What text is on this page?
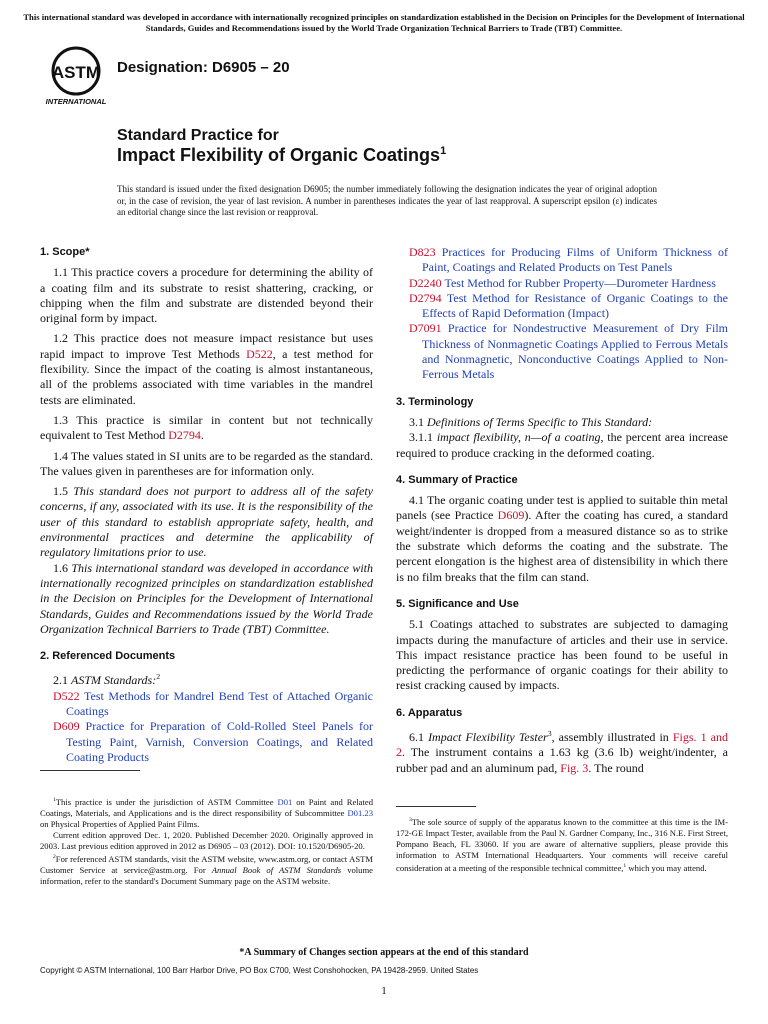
This international standard was developed in accordance with internationally recognized principles on standardization established in the Decision on Principles for the Development of International Standards, Guides and Recommendations issued by the World Trade Organization Technical Barriers to Trade (TBT) Committee.
ASTM
INTERNATIONAL
Designation: D6905 – 20
Standard Practice for
Impact Flexibility of Organic Coatings$^1$
This standard is issued under the fixed designation D6905; the number immediately following the designation indicates the year of original adoption or, in the case of revision, the year of last revision. A number in parentheses indicates the year of last reapproval. A superscript epsilon (ε) indicates an editorial change since the last revision or reapproval.

1. Scope*

1.1 This practice covers a procedure for determining the ability of a coating film and its substrate to resist shattering, cracking, or chipping when the film and substrate are distended beyond their original form by impact.

1.2 This practice does not measure impact resistance but uses rapid impact to improve Test Methods D522, a test method for flexibility. Since the impact of the coating is almost instantaneous, all of the problems associated with time variables in the mandrel tests are eliminated.

1.3 This practice is similar in content but not technically equivalent to Test Method D2794.

1.4 The values stated in SI units are to be regarded as the standard. The values given in parentheses are for information only.

1.5 This standard does not purport to address all of the safety concerns, if any, associated with its use. It is the responsibility of the user of this standard to establish appropriate safety, health, and environmental practices and determine the applicability of regulatory limitations prior to use.

1.6 This international standard was developed in accordance with internationally recognized principles on standardization established in the Decision on Principles for the Development of International Standards, Guides and Recommendations issued by the World Trade Organization Technical Barriers to Trade (TBT) Committee.

2. Referenced Documents

2.1 ASTM Standards:$^2$

D522 Test Methods for Mandrel Bend Test of Attached Organic Coatings

D609 Practice for Preparation of Cold-Rolled Steel Panels for Testing Paint, Varnish, Conversion Coatings, and Related Coating Products

D823 Practices for Producing Films of Uniform Thickness of Paint, Coatings and Related Products on Test Panels

D2240 Test Method for Rubber Property—Durometer Hardness

D2794 Test Method for Resistance of Organic Coatings to the Effects of Rapid Deformation (Impact)

D7091 Practice for Nondestructive Measurement of Dry Film Thickness of Nonmagnetic Coatings Applied to Ferrous Metals and Nonmagnetic, Nonconductive Coatings Applied to Non-Ferrous Metals

3. Terminology

3.1 Definitions of Terms Specific to This Standard:

3.1.1 impact flexibility, n—of a coating, the percent area increase required to produce cracking in the deformed coating.

4. Summary of Practice

4.1 The organic coating under test is applied to suitable thin metal panels (see Practice D609). After the coating has cured, a standard weight/indenter is dropped from a measured distance so as to strike the substrate which deforms the coating and the substrate. The percent elongation is the highest area of distensibility in which there is no film breaks that the film can stand.

5. Significance and Use

5.1 Coatings attached to substrates are subjected to damaging impacts during the manufacture of articles and their use in service. This impact resistance practice has been found to be useful in predicting the performance of organic coatings for their ability to resist cracking caused by impacts.

6. Apparatus

6.1 Impact Flexibility Tester$^3$, assembly illustrated in Figs. 1 and 2. The instrument contains a 1.63 kg (3.6 lb) weight/indenter, a rubber pad and an aluminum pad, Fig. 3. The round

$^1$This practice is under the jurisdiction of ASTM Committee D01 on Paint and Related Coatings, Materials, and Applications and is the direct responsibility of Subcommittee D01.23 on Physical Properties of Applied Paint Films.

Current edition approved Dec. 1, 2020. Published December 2020. Originally approved in 2003. Last previous edition approved in 2012 as D6905 – 03 (2012). DOI: 10.1520/D6905-20.

$^2$For referenced ASTM standards, visit the ASTM website, www.astm.org, or contact ASTM Customer Service at service@astm.org. For Annual Book of ASTM Standards volume information, refer to the standard's Document Summary page on the ASTM website.

$^3$The sole source of supply of the apparatus known to the committee at this time is the IM-172-GE Impact Tester, available from the Paul N. Gardner Company, Inc., 316 N.E. First Street, Pompano Beach, FL 33060. If you are aware of alternative suppliers, please provide this information to ASTM International Headquarters. Your comments will receive careful consideration at a meeting of the responsible technical committee,$^1$ which you may attend.

*A Summary of Changes section appears at the end of this standard
Copyright © ASTM International, 100 Barr Harbor Drive, PO Box C700, West Conshohocken, PA 19428-2959. United States
1
